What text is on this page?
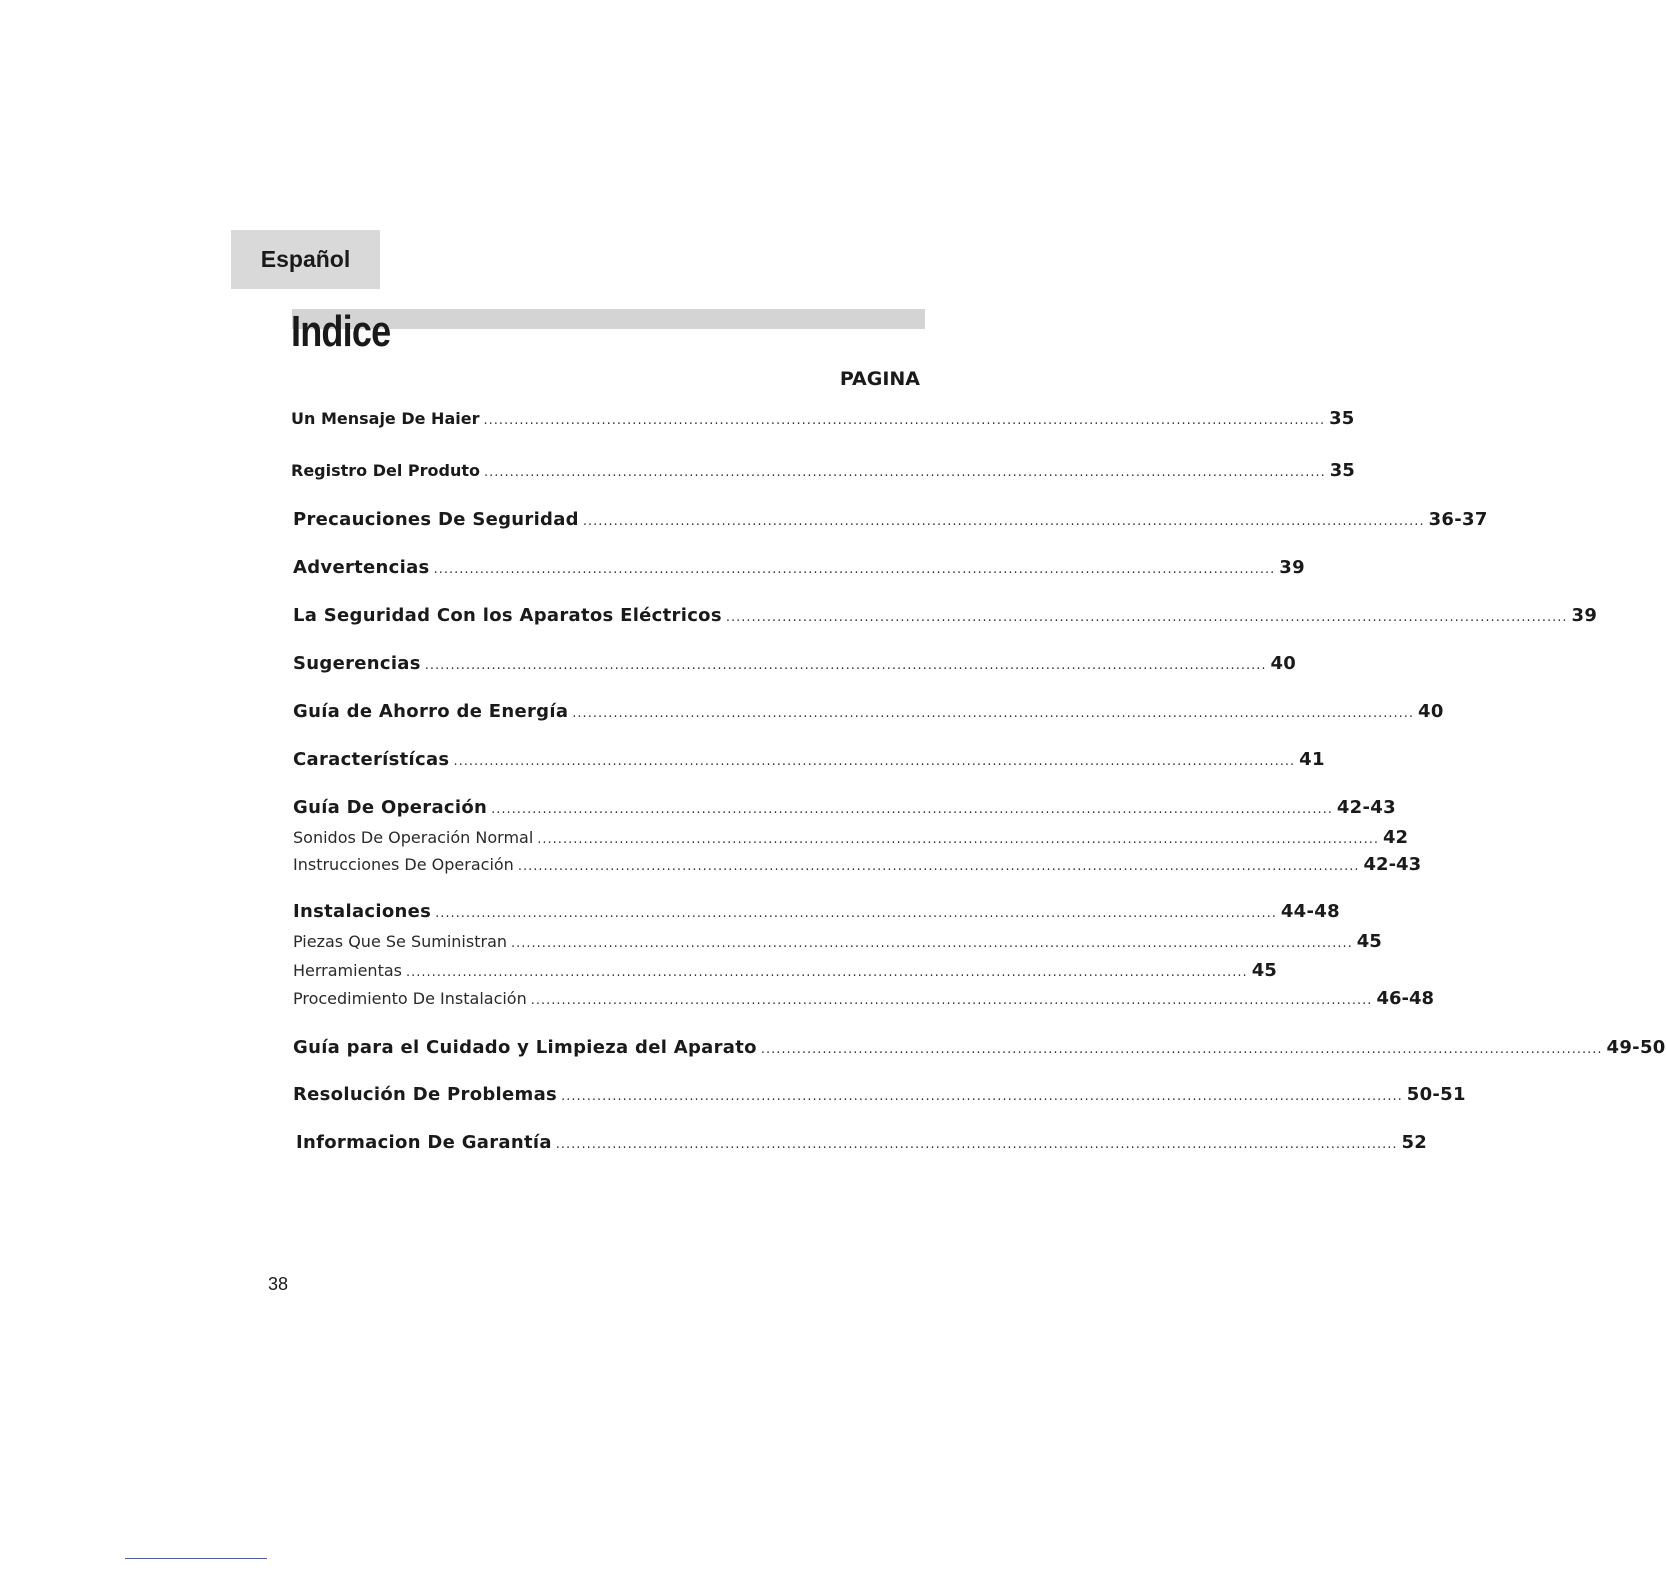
Español
Indice
PAGINA
Un Mensaje De Haier .................................................................................................................................................................... 35
Registro Del Produto .................................................................................................................................................................... 35
Precauciones De Seguridad .................................................................................................................................................................... 36-37
Advertencias .................................................................................................................................................................... 39
La Seguridad Con los Aparatos Eléctricos .................................................................................................................................................................... 39
Sugerencias .................................................................................................................................................................... 40
Guía de Ahorro de Energía .................................................................................................................................................................... 40
Característícas .................................................................................................................................................................... 41
Guía De Operación .................................................................................................................................................................... 42-43
Sonidos De Operación Normal .................................................................................................................................................................... 42
Instrucciones De Operación .................................................................................................................................................................... 42-43
Instalaciones .................................................................................................................................................................... 44-48
Piezas Que Se Suministran .................................................................................................................................................................... 45
Herramientas .................................................................................................................................................................... 45
Procedimiento De Instalación .................................................................................................................................................................... 46-48
Guía para el Cuidado y Limpieza del Aparato .................................................................................................................................................................... 49-50
Resolución De Problemas .................................................................................................................................................................... 50-51
Informacion De Garantía .................................................................................................................................................................... 52
38
